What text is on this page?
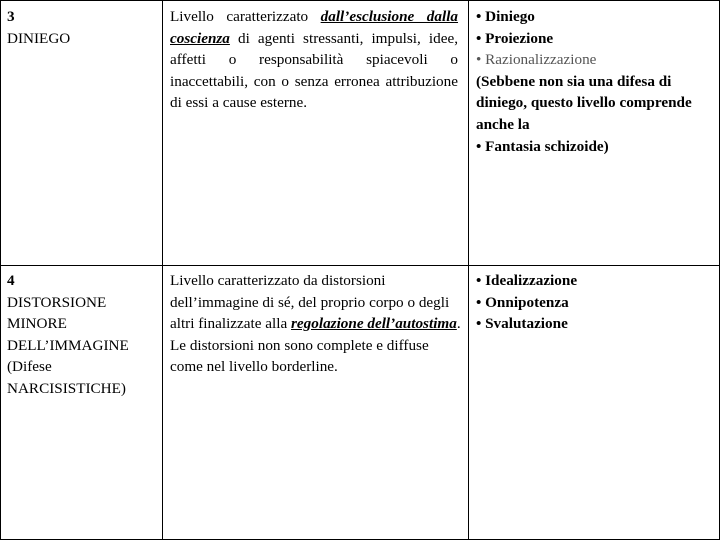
3
DINIEGO
Livello caratterizzato dall’esclusione dalla coscienza di agenti stressanti, impulsi, idee, affetti o responsabilità spiacevoli o inaccettabili, con o senza erronea attribuzione di essi a cause esterne.
• Diniego
• Proiezione
• Razionalizzazione
(Sebbene non sia una difesa di diniego, questo livello comprende anche la
• Fantasia schizoide)
4
DISTORSIONE
MINORE
DELL’IMMAGINE
(Difese
NARCISISTICHE)
Livello caratterizzato da distorsioni dell’immagine di sé, del proprio corpo o degli altri finalizzate alla regolazione dell’autostima. Le distorsioni non sono complete e diffuse come nel livello borderline.
• Idealizzazione
• Onnipotenza
• Svalutazione
